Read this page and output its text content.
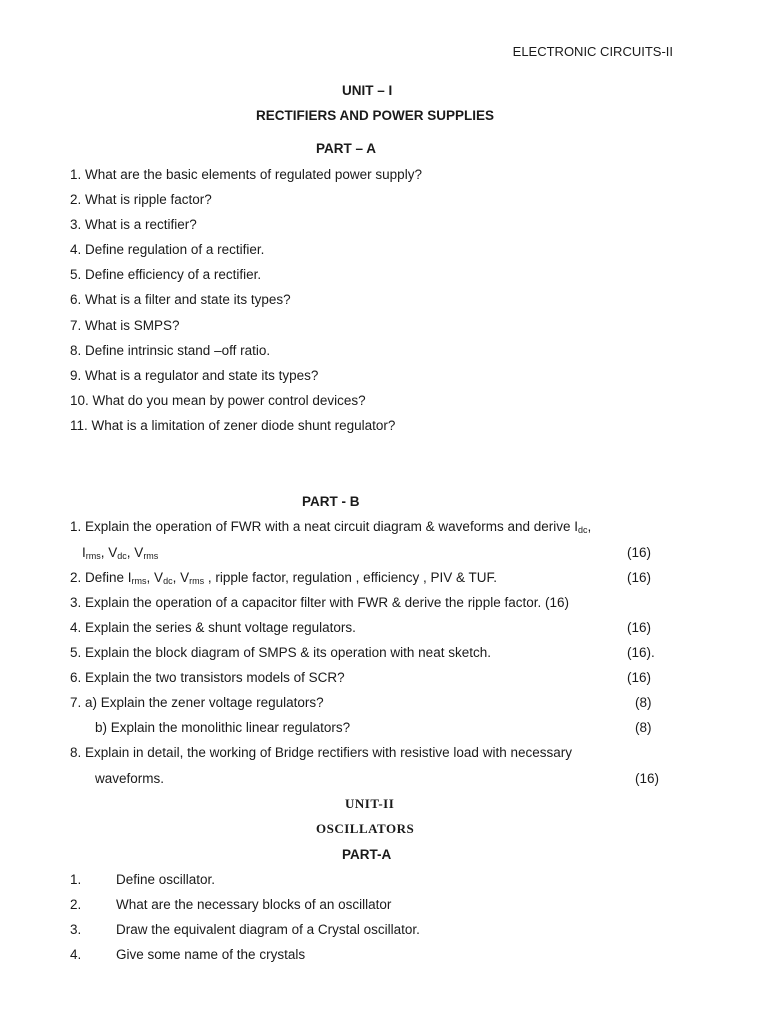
ELECTRONIC CIRCUITS-II
UNIT – I
RECTIFIERS AND POWER SUPPLIES
PART – A
1. What are the basic elements of regulated power supply?
2. What is ripple factor?
3. What is a rectifier?
4. Define regulation of a rectifier.
5. Define efficiency of a rectifier.
6. What is a filter and state its types?
7. What is SMPS?
8. Define intrinsic stand –off ratio.
9. What is a regulator and state its types?
10. What do you mean by power control devices?
11. What is a limitation of zener diode shunt regulator?
PART - B
1. Explain the operation of FWR with a neat circuit diagram & waveforms and derive $I_{dc}$,
$I_{rms}$, $V_{dc}$, $V_{rms}$	(16)
2. Define $I_{rms}$, $V_{dc}$, $V_{rms}$ , ripple factor, regulation , efficiency , PIV & TUF.	(16)
3. Explain the operation of a capacitor filter with FWR & derive the ripple factor. (16)
4. Explain the series & shunt voltage regulators.	(16)
5. Explain the block diagram of SMPS & its operation with neat sketch.	(16).
6. Explain the two transistors models of SCR?	(16)
7. a) Explain the zener voltage regulators?	(8)
b) Explain the monolithic linear regulators?	(8)
8. Explain in detail, the working of Bridge rectifiers with resistive load with necessary
waveforms.	(16)
UNIT-II
OSCILLATORS
PART-A
1.	Define oscillator.
2.	What are the necessary blocks of an oscillator
3.	Draw the equivalent diagram of a Crystal oscillator.
4.	Give some name of the crystals
